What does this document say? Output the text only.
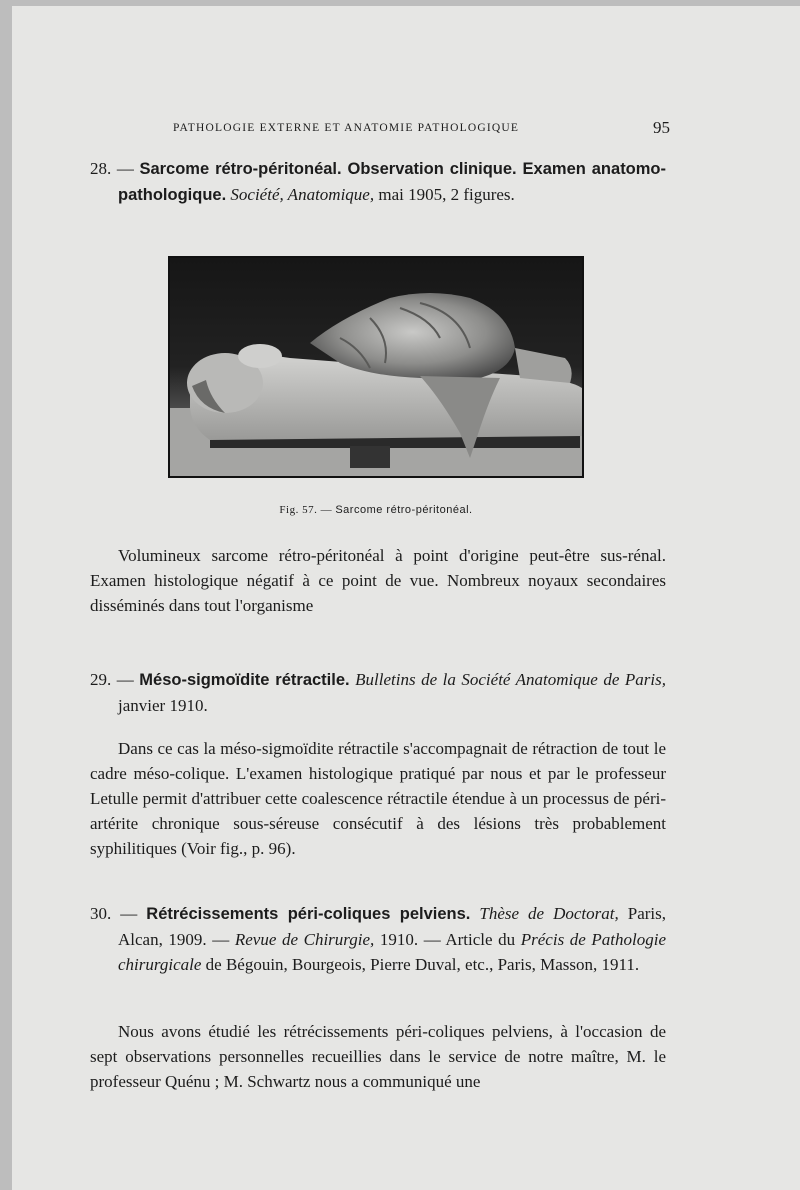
PATHOLOGIE EXTERNE ET ANATOMIE PATHOLOGIQUE	95
28. — Sarcome rétro-péritonéal. Observation clinique. Examen anatomo-pathologique. Société, Anatomique, mai 1905, 2 figures.
Fig. 57. — Sarcome rétro-péritonéal.
Volumineux sarcome rétro-péritonéal à point d'origine peut-être sus-rénal. Examen histologique négatif à ce point de vue. Nombreux noyaux secondaires disséminés dans tout l'organisme
29. — Méso-sigmoïdite rétractile. Bulletins de la Société Anatomique de Paris, janvier 1910.
Dans ce cas la méso-sigmoïdite rétractile s'accompagnait de rétraction de tout le cadre méso-colique. L'examen histologique pratiqué par nous et par le professeur Letulle permit d'attribuer cette coalescence rétractile étendue à un processus de péri-artérite chronique sous-séreuse consécutif à des lésions très probablement syphilitiques (Voir fig., p. 96).
30. — Rétrécissements péri-coliques pelviens. Thèse de Doctorat, Paris, Alcan, 1909. — Revue de Chirurgie, 1910. — Article du Précis de Pathologie chirurgicale de Bégouin, Bourgeois, Pierre Duval, etc., Paris, Masson, 1911.
Nous avons étudié les rétrécissements péri-coliques pelviens, à l'occasion de sept observations personnelles recueillies dans le service de notre maître, M. le professeur Quénu ; M. Schwartz nous a communiqué une
